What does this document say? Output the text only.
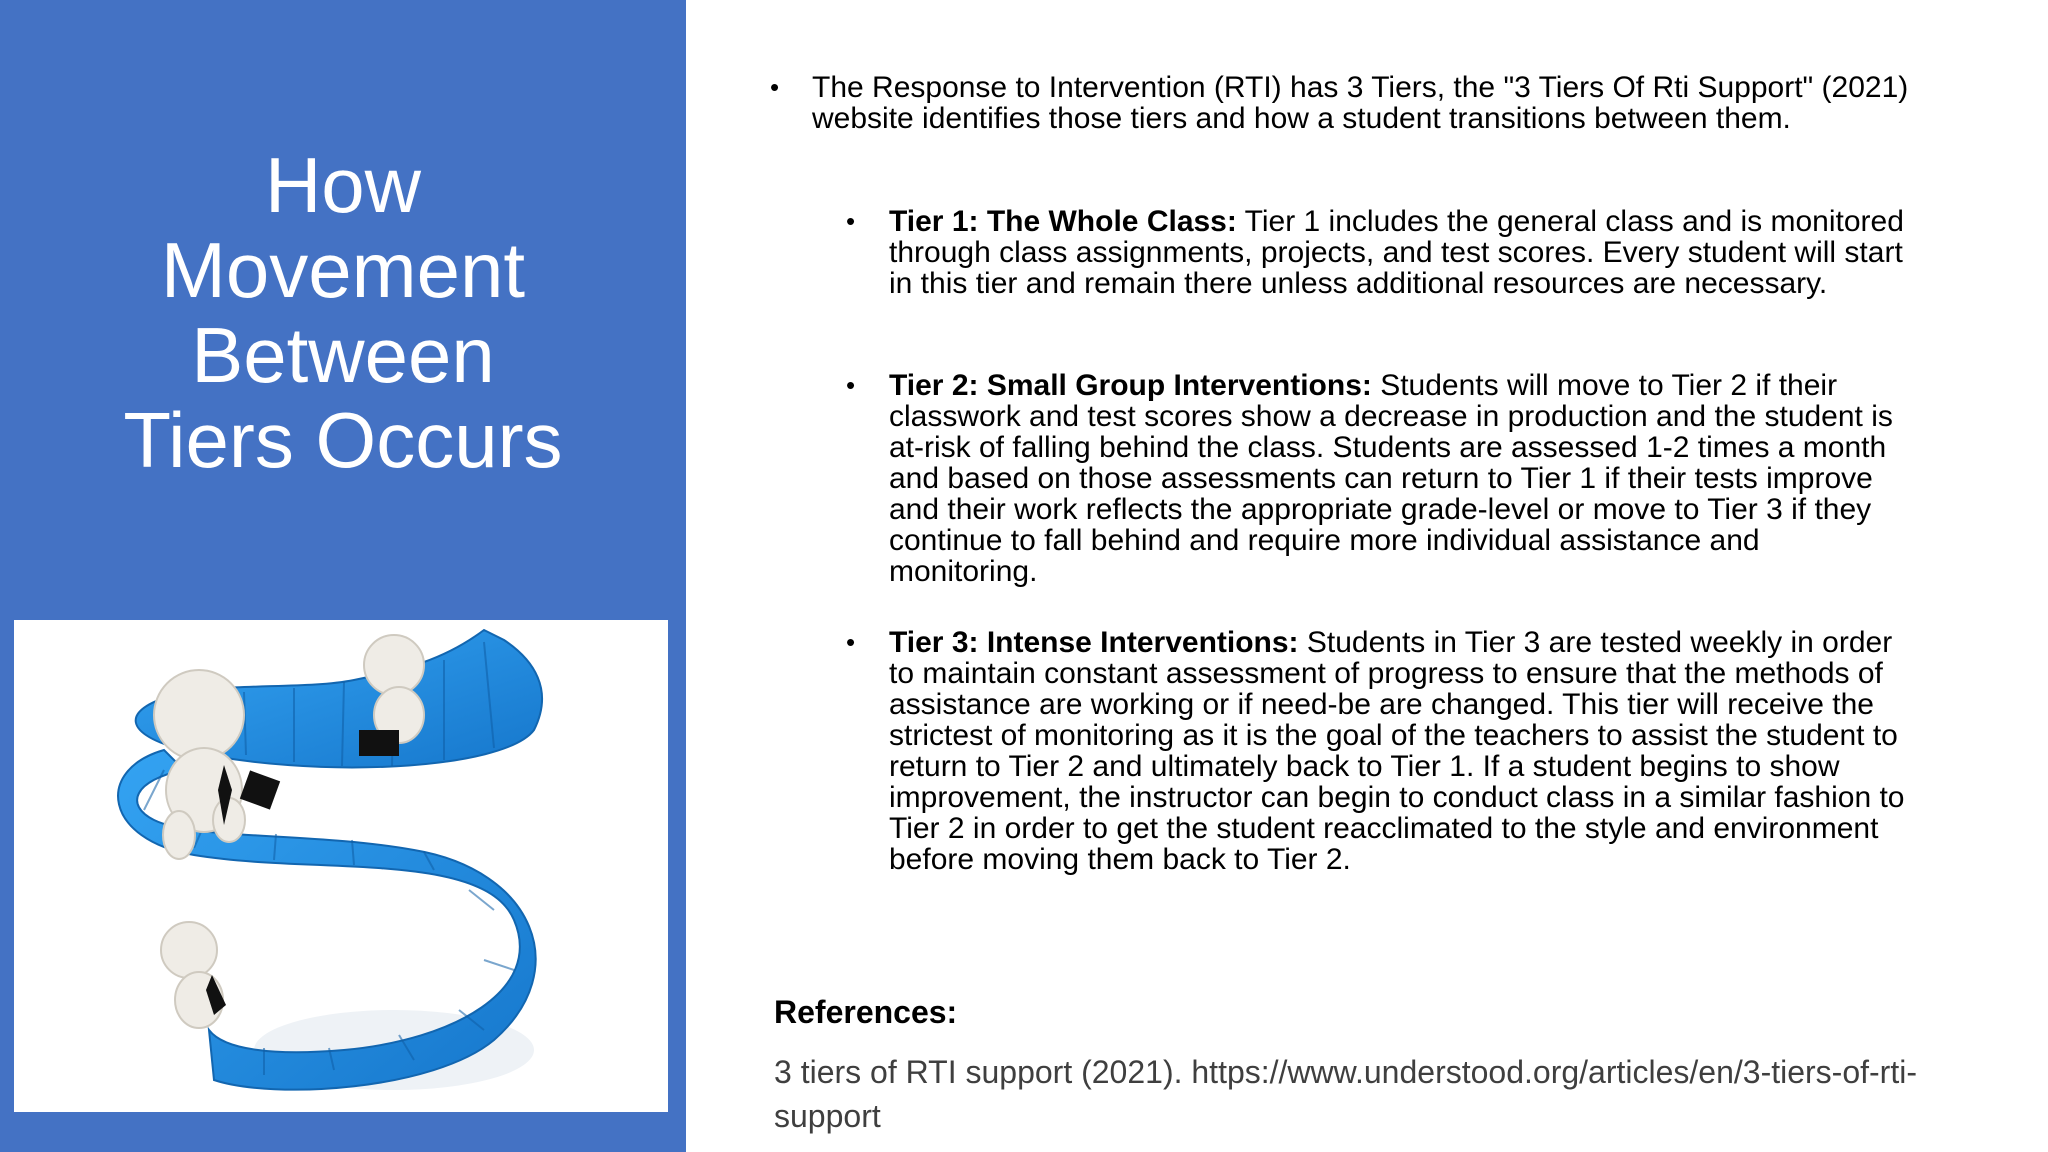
How
Movement
Between
Tiers Occurs
• The Response to Intervention (RTI) has 3 Tiers, the "3 Tiers Of Rti Support" (2021) website identifies those tiers and how a student transitions between them.
• Tier 1: The Whole Class: Tier 1 includes the general class and is monitored through class assignments, projects, and test scores. Every student will start in this tier and remain there unless additional resources are necessary.
• Tier 2: Small Group Interventions: Students will move to Tier 2 if their classwork and test scores show a decrease in production and the student is at-risk of falling behind the class. Students are assessed 1-2 times a month and based on those assessments can return to Tier 1 if their tests improve and their work reflects the appropriate grade-level or move to Tier 3 if they continue to fall behind and require more individual assistance and monitoring.
• Tier 3: Intense Interventions: Students in Tier 3 are tested weekly in order to maintain constant assessment of progress to ensure that the methods of assistance are working or if need-be are changed. This tier will receive the strictest of monitoring as it is the goal of the teachers to assist the student to return to Tier 2 and ultimately back to Tier 1. If a student begins to show improvement, the instructor can begin to conduct class in a similar fashion to Tier 2 in order to get the student reacclimated to the style and environment before moving them back to Tier 2.
References:
3 tiers of RTI support (2021). https://www.understood.org/articles/en/3-tiers-of-rti-support
